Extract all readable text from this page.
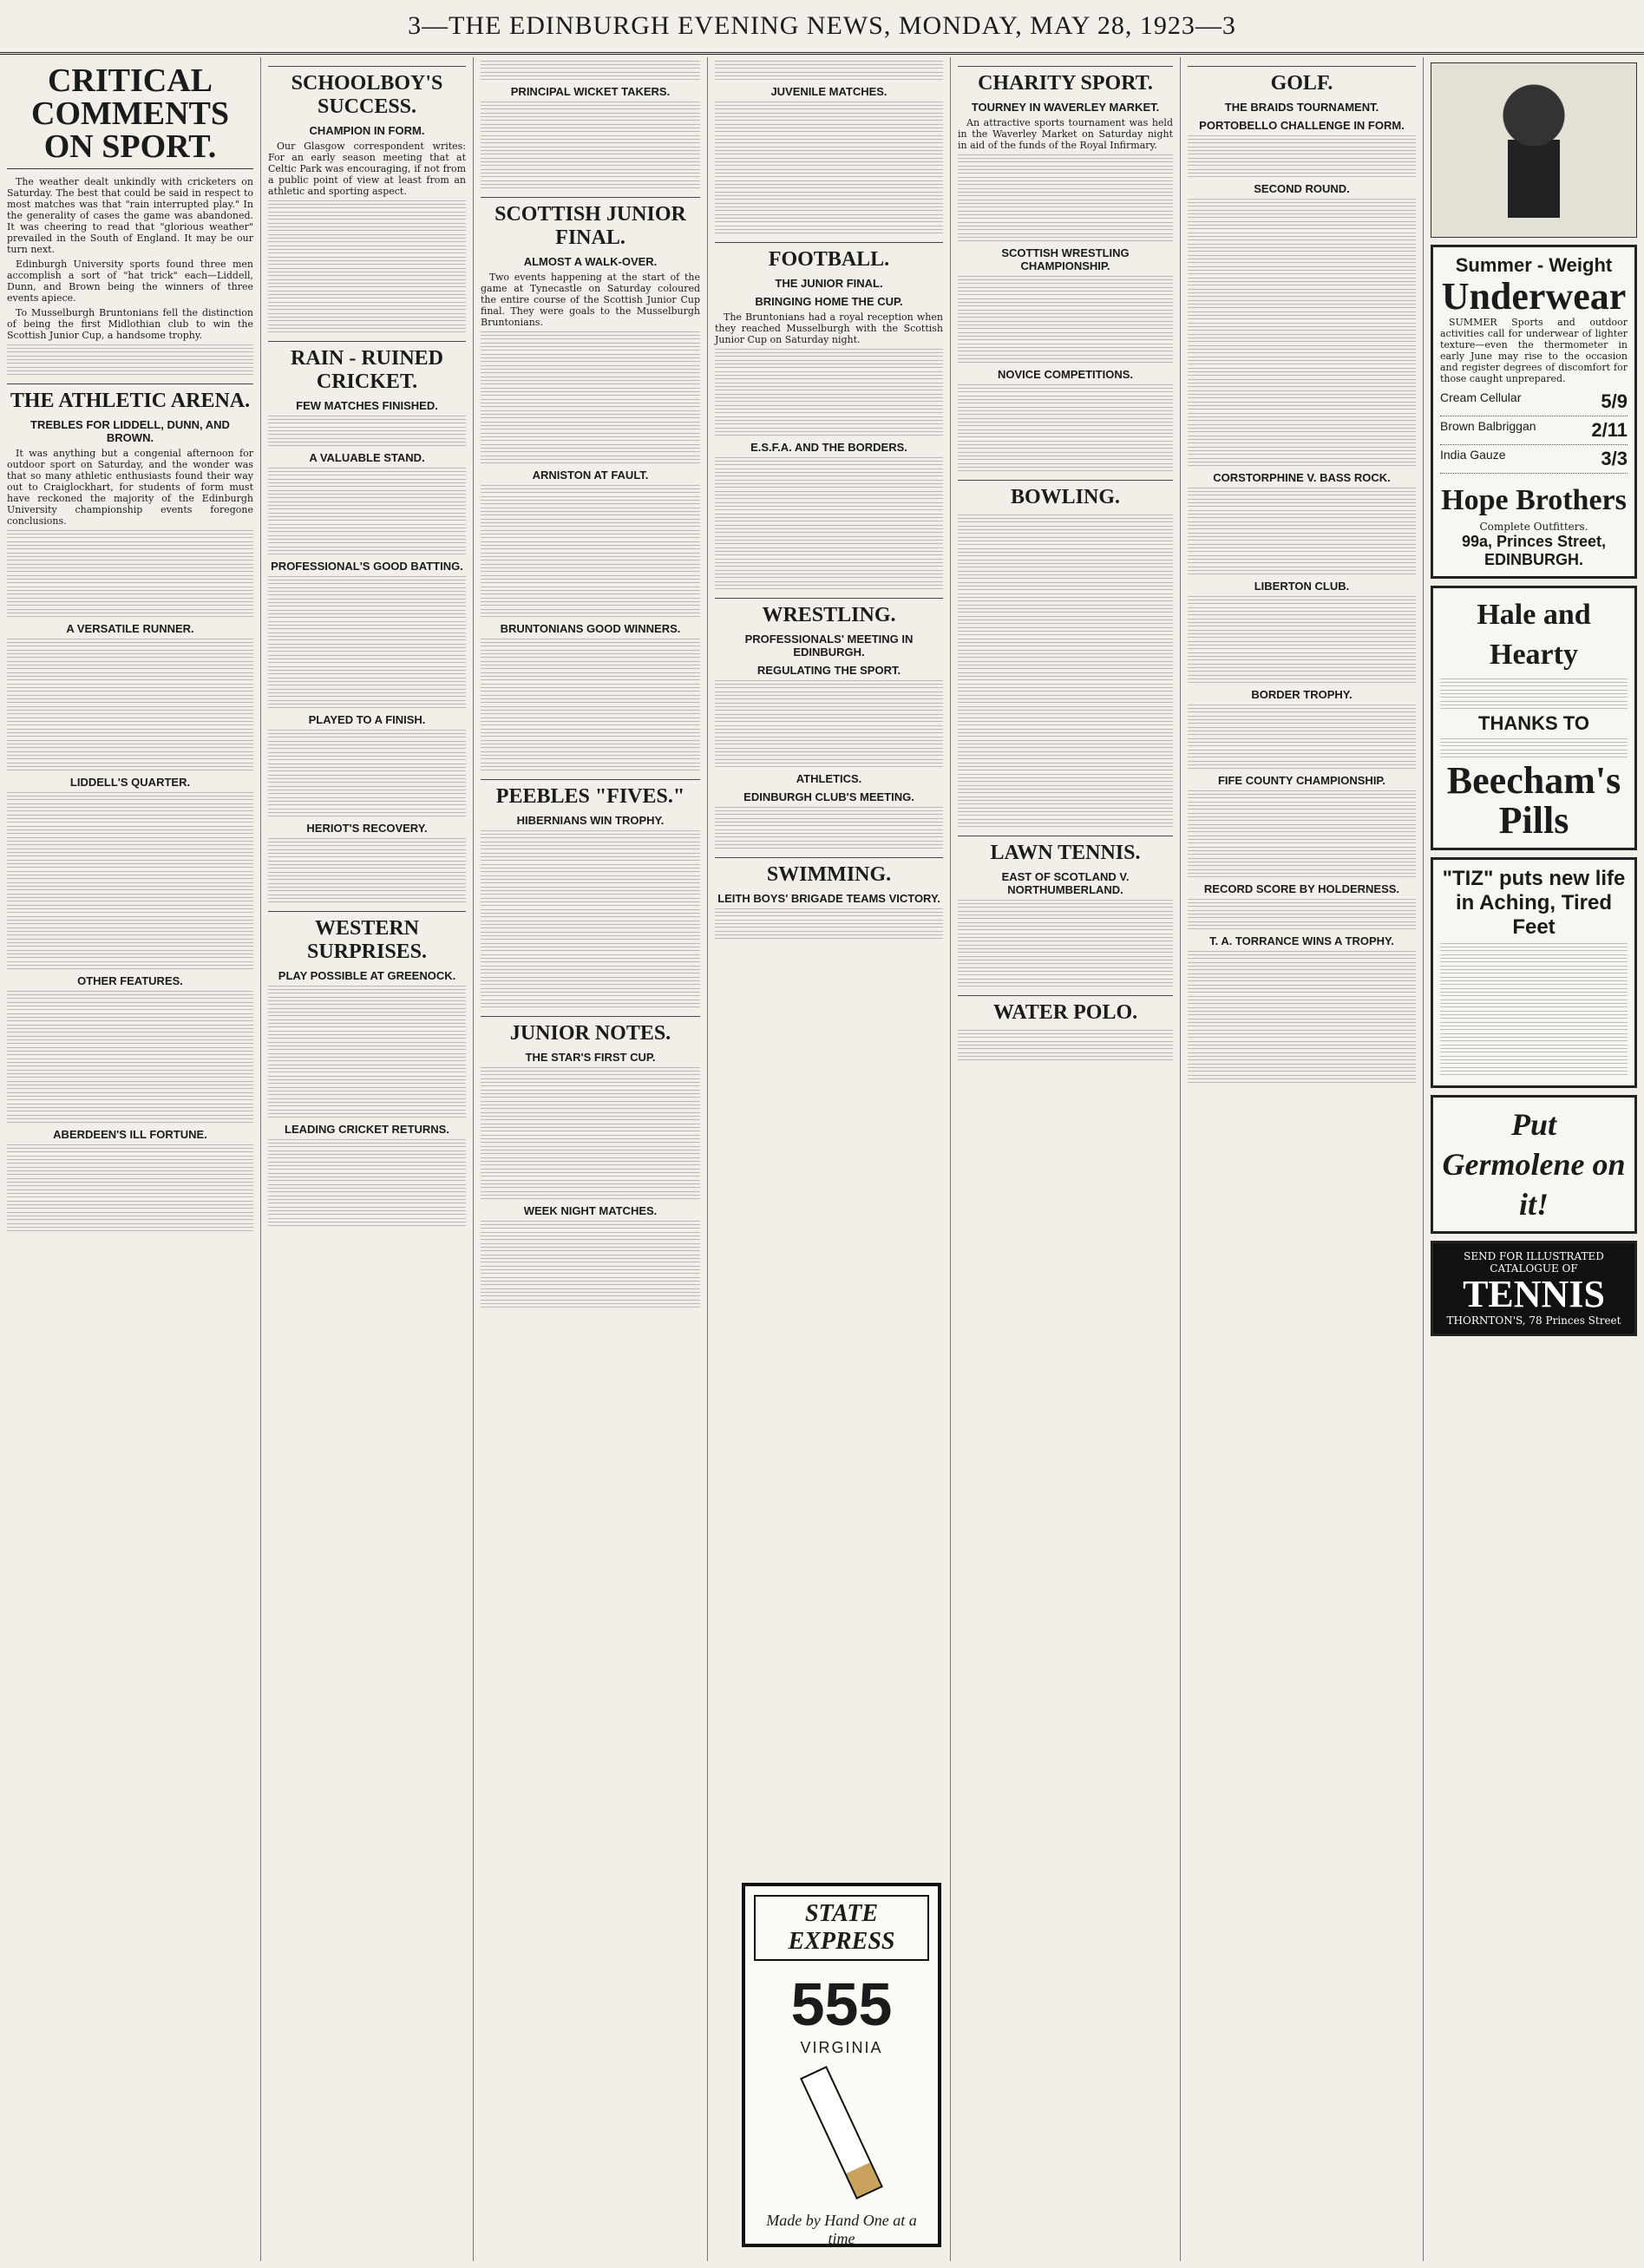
3—THE EDINBURGH EVENING NEWS, MONDAY, MAY 28, 1923—3
CRITICAL COMMENTS ON SPORT.

The weather dealt unkindly with cricketers on Saturday. The best that could be said in respect to most matches was that "rain interrupted play." In the generality of cases the game was abandoned. It was cheering to read that "glorious weather" prevailed in the South of England. It may be our turn next.

Edinburgh University sports found three men accomplish a sort of "hat trick" each—Liddell, Dunn, and Brown being the winners of three events apiece.

To Musselburgh Bruntonians fell the distinction of being the first Midlothian club to win the Scottish Junior Cup, a handsome trophy.

THE ATHLETIC ARENA.
TREBLES FOR LIDDELL, DUNN, AND BROWN.

It was anything but a congenial afternoon for outdoor sport on Saturday, and the wonder was that so many athletic enthusiasts found their way out to Craiglockhart, for students of form must have reckoned the majority of the Edinburgh University championship events foregone conclusions.

A VERSATILE RUNNER.
LIDDELL'S QUARTER.
OTHER FEATURES.
ABERDEEN'S ILL FORTUNE.
SCHOOLBOY'S SUCCESS.
CHAMPION IN FORM.

Our Glasgow correspondent writes: For an early season meeting that at Celtic Park was encouraging, if not from a public point of view at least from an athletic and sporting aspect.

RAIN - RUINED CRICKET.
FEW MATCHES FINISHED.
A VALUABLE STAND.
PROFESSIONAL'S GOOD BATTING.
PLAYED TO A FINISH.
HERIOT'S RECOVERY.
WESTERN SURPRISES.
PLAY POSSIBLE AT GREENOCK.
LEADING CRICKET RETURNS.
PRINCIPAL WICKET TAKERS.
SCOTTISH JUNIOR FINAL.
ALMOST A WALK-OVER.

Two events happening at the start of the game at Tynecastle on Saturday coloured the entire course of the Scottish Junior Cup final. They were goals to the Musselburgh Bruntonians.

ARNISTON AT FAULT.
BRUNTONIANS GOOD WINNERS.
PEEBLES "FIVES."
HIBERNIANS WIN TROPHY.
JUNIOR NOTES.
THE STAR'S FIRST CUP.
WEEK NIGHT MATCHES.
JUVENILE MATCHES.
FOOTBALL.
THE JUNIOR FINAL.
BRINGING HOME THE CUP.

The Bruntonians had a royal reception when they reached Musselburgh with the Scottish Junior Cup on Saturday night.

E.S.F.A. AND THE BORDERS.
WRESTLING.
PROFESSIONALS' MEETING IN EDINBURGH.
REGULATING THE SPORT.
ATHLETICS.
EDINBURGH CLUB'S MEETING.
SWIMMING.
LEITH BOYS' BRIGADE TEAMS VICTORY.
CHARITY SPORT.
TOURNEY IN WAVERLEY MARKET.

An attractive sports tournament was held in the Waverley Market on Saturday night in aid of the funds of the Royal Infirmary.

SCOTTISH WRESTLING CHAMPIONSHIP.
NOVICE COMPETITIONS.
BOWLING.
LAWN TENNIS.
EAST OF SCOTLAND V. NORTHUMBERLAND.
WATER POLO.
GOLF.
THE BRAIDS TOURNAMENT.
PORTOBELLO CHALLENGE IN FORM.
SECOND ROUND.
CORSTORPHINE V. BASS ROCK.
LIBERTON CLUB.
BORDER TROPHY.
FIFE COUNTY CHAMPIONSHIP.
RECORD SCORE BY HOLDERNESS.
T. A. TORRANCE WINS A TROPHY.
Summer - Weight
Underwear

SUMMER Sports and outdoor activities call for underwear of lighter texture—even the thermometer in early June may rise to the occasion and register degrees of discomfort for those caught unprepared.

Cream Cellular	5/9
Brown Balbriggan	2/11
India Gauze	3/3
Hope Brothers
Complete Outfitters.
99a, Princes Street, EDINBURGH.
Hale and Hearty
THANKS TO
Beecham's Pills
"TIZ" puts new life in Aching, Tired Feet
Put Germolene on it!
SEND FOR ILLUSTRATED CATALOGUE OF
TENNIS
THORNTON'S, 78 Princes Street
STATE EXPRESS
555
VIRGINIA
Made by Hand One at a time
